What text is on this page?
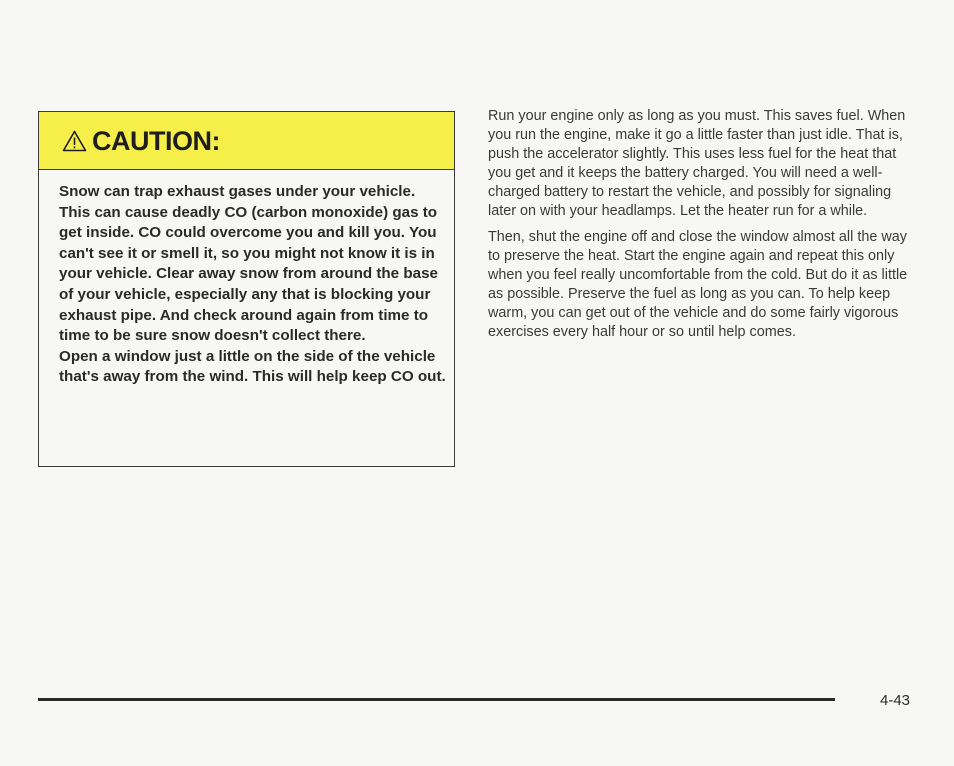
CAUTION:

Snow can trap exhaust gases under your vehicle. This can cause deadly CO (carbon monoxide) gas to get inside. CO could overcome you and kill you. You can't see it or smell it, so you might not know it is in your vehicle. Clear away snow from around the base of your vehicle, especially any that is blocking your exhaust pipe. And check around again from time to time to be sure snow doesn't collect there.

Open a window just a little on the side of the vehicle that's away from the wind. This will help keep CO out.

Run your engine only as long as you must. This saves fuel. When you run the engine, make it go a little faster than just idle. That is, push the accelerator slightly. This uses less fuel for the heat that you get and it keeps the battery charged. You will need a well-charged battery to restart the vehicle, and possibly for signaling later on with your headlamps. Let the heater run for a while.

Then, shut the engine off and close the window almost all the way to preserve the heat. Start the engine again and repeat this only when you feel really uncomfortable from the cold. But do it as little as possible. Preserve the fuel as long as you can. To help keep warm, you can get out of the vehicle and do some fairly vigorous exercises every half hour or so until help comes.

4-43
